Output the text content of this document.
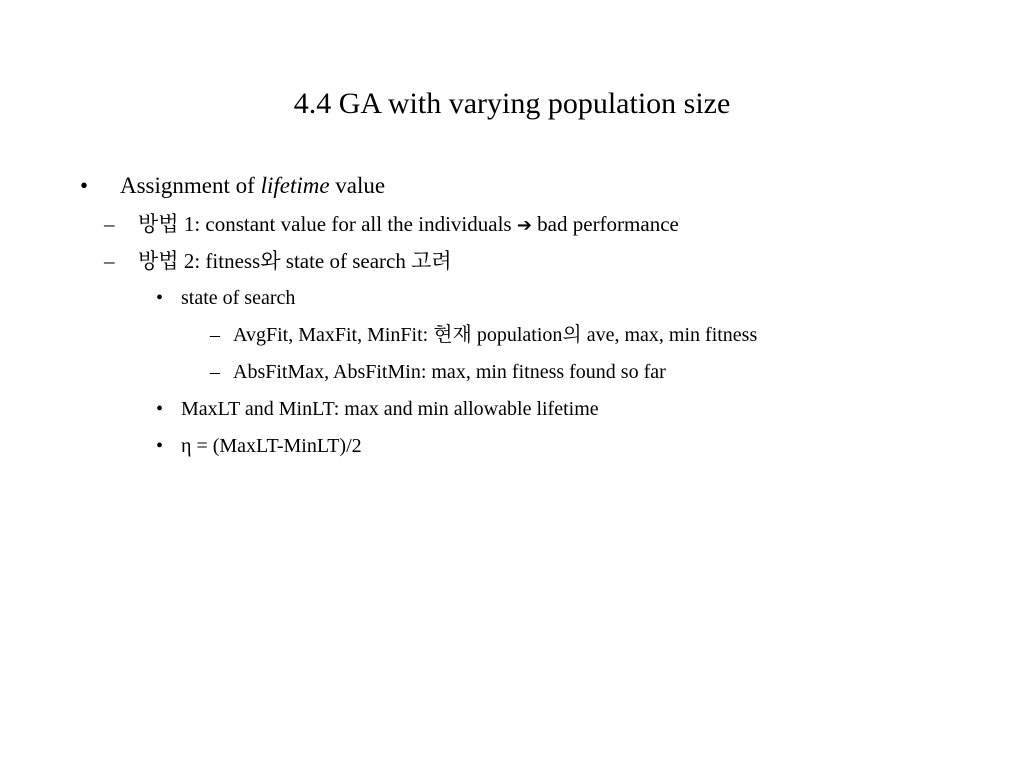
4.4 GA with varying population size
• Assignment of lifetime value
– 방법 1: constant value for all the individuals ➔ bad performance
– 방법 2: fitness와 state of search 고려
• state of search
– AvgFit, MaxFit, MinFit: 현재 population의 ave, max, min fitness
– AbsFitMax, AbsFitMin: max, min fitness found so far
• MaxLT and MinLT: max and min allowable lifetime
• η = (MaxLT-MinLT)/2
